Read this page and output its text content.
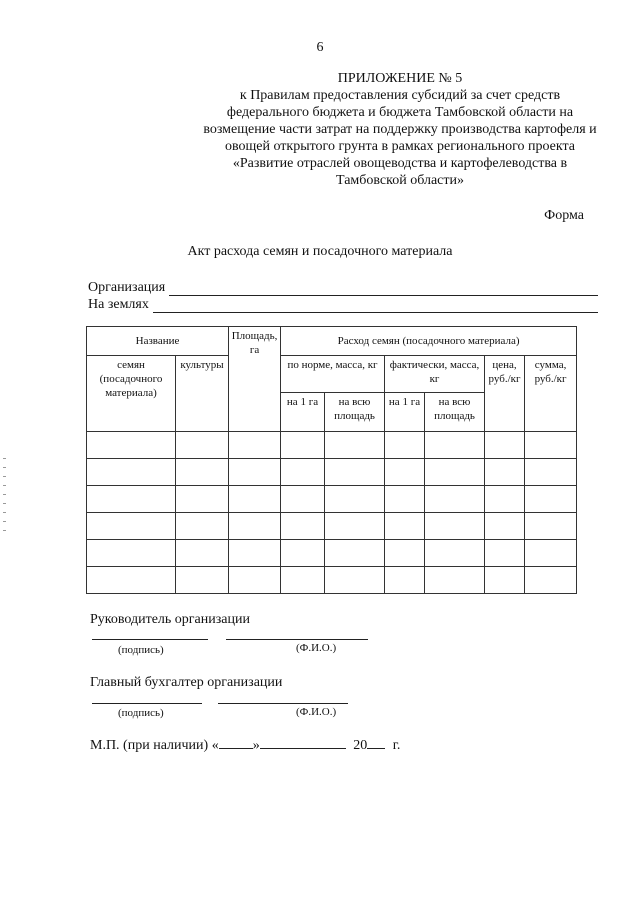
6
ПРИЛОЖЕНИЕ № 5
к Правилам предоставления субсидий за счет средств федерального бюджета и бюджета Тамбовской области на возмещение части затрат на поддержку производства картофеля и овощей открытого грунта в рамках регионального проекта «Развитие отраслей овощеводства и картофелеводства в Тамбовской области»
Форма
Акт расхода семян и посадочного материала
Организация
На землях
Название		Площадь, га	Расход семян (посадочного материала)					
семян (посадочного материала)	культуры		по норме, масса, кг		фактически, масса, кг		цена, руб./кг	сумма, руб./кг
			на 1 га	на всю площадь	на 1 га	на всю площадь		

Руководитель организации
(подпись)	(Ф.И.О.)
Главный бухгалтер организации
(подпись)	(Ф.И.О.)
М.П. (при наличии) « »	20 г.
